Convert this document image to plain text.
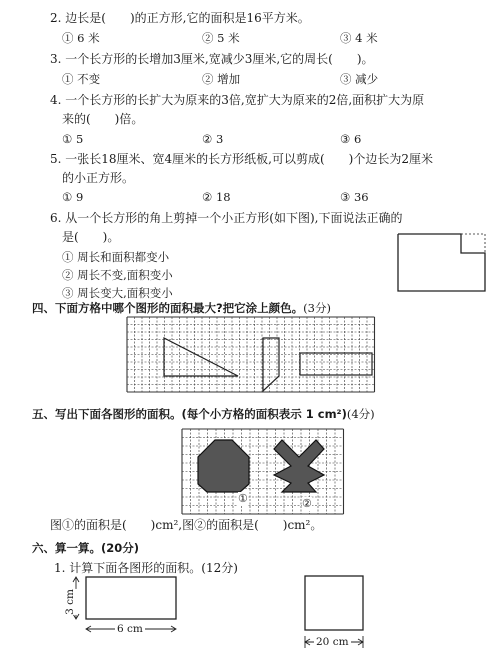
2. 边长是(　　)的正方形,它的面积是16平方米。
① 6 米	② 5 米	③ 4 米
3. 一个长方形的长增加3厘米,宽减少3厘米,它的周长(　　)。
① 不变	② 增加	③ 减少
4. 一个长方形的长扩大为原来的3倍,宽扩大为原来的2倍,面积扩大为原
来的(　　)倍。
① 5	② 3	③ 6
5. 一张长18厘米、宽4厘米的长方形纸板,可以剪成(　　)个边长为2厘米
的小正方形。
① 9	② 18	③ 36
6. 从一个长方形的角上剪掉一个小正方形(如下图),下面说法正确的
是(　　)。
① 周长和面积都变小
② 周长不变,面积变小
③ 周长变大,面积变小
四、下面方格中哪个图形的面积最大?把它涂上颜色。(3分)
五、写出下面各图形的面积。(每个小方格的面积表示 1 cm²)(4分)
①	②
图①的面积是(　　)cm²,图②的面积是(　　)cm²。
六、算一算。(20分)
1. 计算下面各图形的面积。(12分)
6 cm
3 cm
20 cm
